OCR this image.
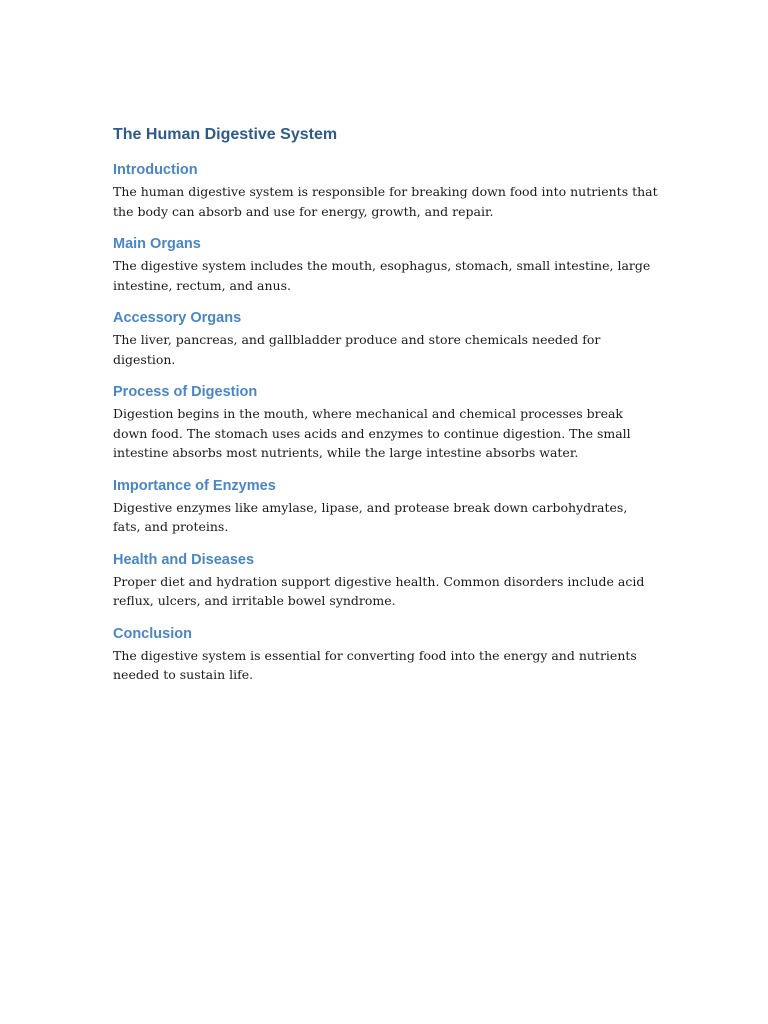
The Human Digestive System
Introduction

The human digestive system is responsible for breaking down food into nutrients that the body can absorb and use for energy, growth, and repair.

Main Organs

The digestive system includes the mouth, esophagus, stomach, small intestine, large intestine, rectum, and anus.

Accessory Organs

The liver, pancreas, and gallbladder produce and store chemicals needed for digestion.

Process of Digestion

Digestion begins in the mouth, where mechanical and chemical processes break down food. The stomach uses acids and enzymes to continue digestion. The small intestine absorbs most nutrients, while the large intestine absorbs water.

Importance of Enzymes

Digestive enzymes like amylase, lipase, and protease break down carbohydrates, fats, and proteins.

Health and Diseases

Proper diet and hydration support digestive health. Common disorders include acid reflux, ulcers, and irritable bowel syndrome.

Conclusion

The digestive system is essential for converting food into the energy and nutrients needed to sustain life.
